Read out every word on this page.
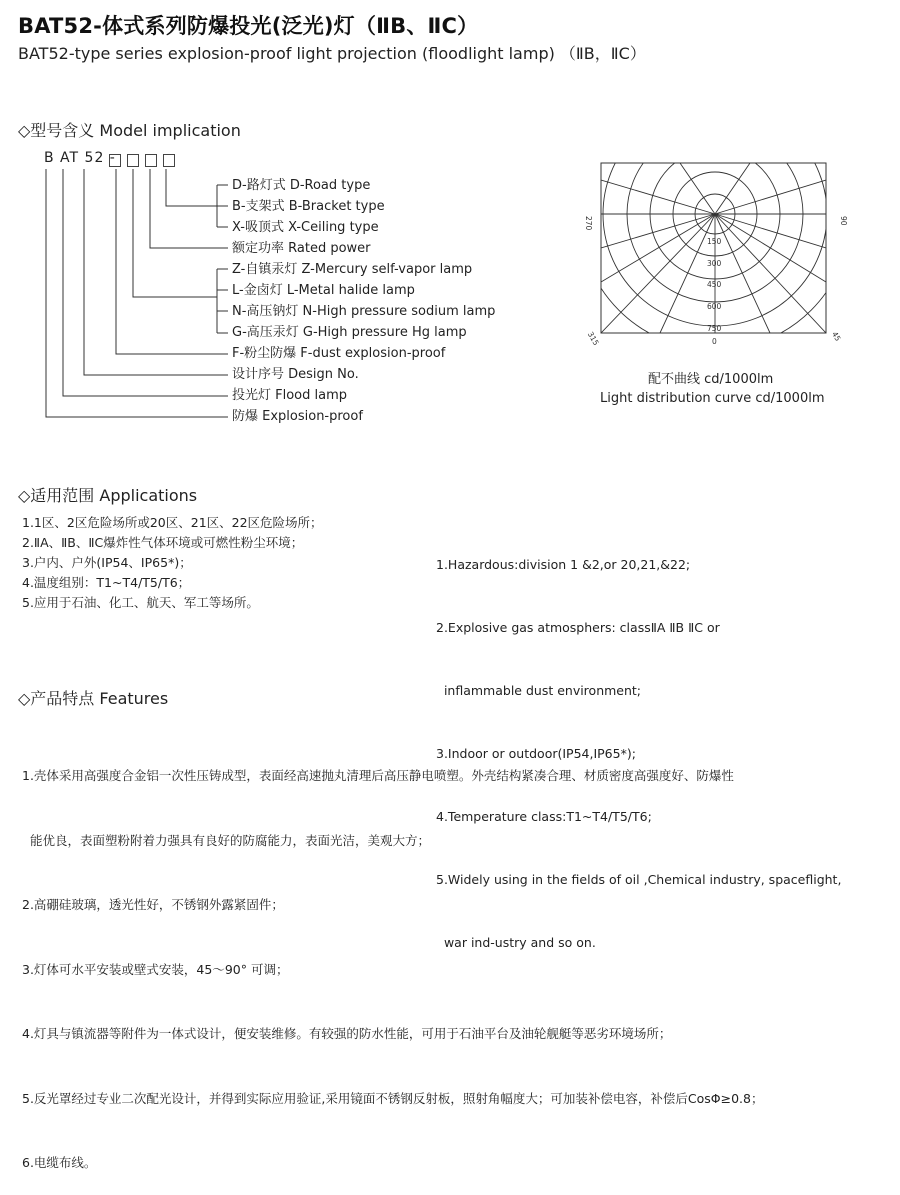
BAT52-体式系列防爆投光(泛光)灯（ⅡB、ⅡC）
BAT52-type series explosion-proof light projection (floodlight lamp) （ⅡB，ⅡC）
◇型号含义 Model implication
B AT 52 -
D-路灯式 D-Road type
B-支架式 B-Bracket type
X-吸顶式 X-Ceiling type
额定功率 Rated power
Z-自镇汞灯 Z-Mercury self-vapor lamp
L-金卤灯 L-Metal halide lamp
N-高压钠灯 N-High pressure sodium lamp
G-高压汞灯 G-High pressure Hg lamp
F-粉尘防爆 F-dust explosion-proof
设计序号 Design No.
投光灯 Flood lamp
防爆 Explosion-proof
270	90
315	0	45
150
300
450
600
750
配不曲线 cd/1000lm
Light distribution curve cd/1000lm
◇适用范围 Applications
1.1区、2区危险场所或20区、21区、22区危险场所；
2.ⅡA、ⅡB、ⅡC爆炸性气体环境或可燃性粉尘环境；
3.户内、户外(IP54、IP65*)；
4.温度组别：T1~T4/T5/T6；
5.应用于石油、化工、航天、军工等场所。

1.Hazardous:division 1 &2,or 20,21,&22;

2.Explosive gas atmosphers: classⅡA ⅡB ⅡC or

inflammable dust environment;

3.Indoor or outdoor(IP54,IP65*);

4.Temperature class:T1~T4/T5/T6;

5.Widely using in the fields of oil ,Chemical industry, spaceflight,

war ind-ustry and so on.

◇产品特点 Features

1.壳体采用高强度合金铝一次性压铸成型，表面经高速抛丸清理后高压静电喷塑。外壳结构紧凑合理、材质密度高强度好、防爆性

能优良，表面塑粉附着力强具有良好的防腐能力，表面光洁，美观大方；

2.高硼硅玻璃，透光性好，不锈钢外露紧固件；

3.灯体可水平安装或壁式安装，45～90° 可调；

4.灯具与镇流器等附件为一体式设计，便安装维修。有较强的防水性能，可用于石油平台及油轮舰艇等恶劣环境场所；

5.反光罩经过专业二次配光设计，并得到实际应用验证,采用镜面不锈钢反射板，照射角幅度大；可加装补偿电容，补偿后CosΦ≥0.8；

6.电缆布线。
